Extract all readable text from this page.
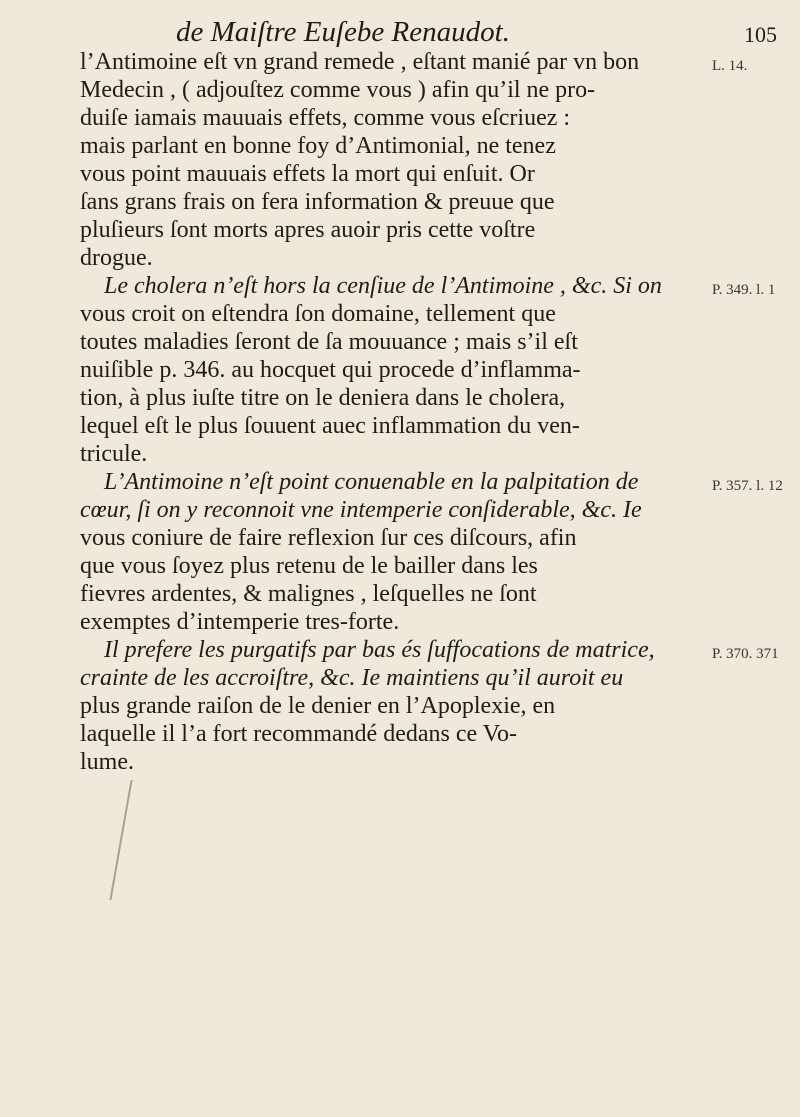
de Maiſtre Euſebe Renaudot.	105
l’Antimoine eſt vn grand remede , eſtant manié par vn bon
Medecin , ( adjouſtez comme vous ) afin qu’il ne pro-
duiſe iamais mauuais effets, comme vous eſcriuez :
mais parlant en bonne foy d’Antimonial, ne tenez
vous point mauuais effets la mort qui enſuit. Or
ſans grans frais on fera information & preuue que
pluſieurs ſont morts apres auoir pris cette voſtre
drogue.
Le cholera n’eſt hors la cenſiue de l’Antimoine , &c. Si on
vous croit on eſtendra ſon domaine, tellement que
toutes maladies ſeront de ſa mouuance ; mais s’il eſt
nuiſible p. 346. au hocquet qui procede d’inflamma-
tion, à plus iuſte titre on le deniera dans le cholera,
lequel eſt le plus ſouuent auec inflammation du ven-
tricule.
L’Antimoine n’eſt point conuenable en la palpitation de
cœur, ſi on y reconnoit vne intemperie conſiderable, &c. Ie
vous coniure de faire reflexion ſur ces diſcours, afin
que vous ſoyez plus retenu de le bailler dans les
fievres ardentes, & malignes , leſquelles ne ſont
exemptes d’intemperie tres-forte.
Il prefere les purgatifs par bas és ſuffocations de matrice,
crainte de les accroiſtre, &c. Ie maintiens qu’il auroit eu
plus grande raiſon de le denier en l’Apoplexie, en
laquelle il l’a fort recommandé dedans ce Vo-
lume.
L. 14.
P. 349. l. 1
P. 357. l. 12
P. 370. 371
